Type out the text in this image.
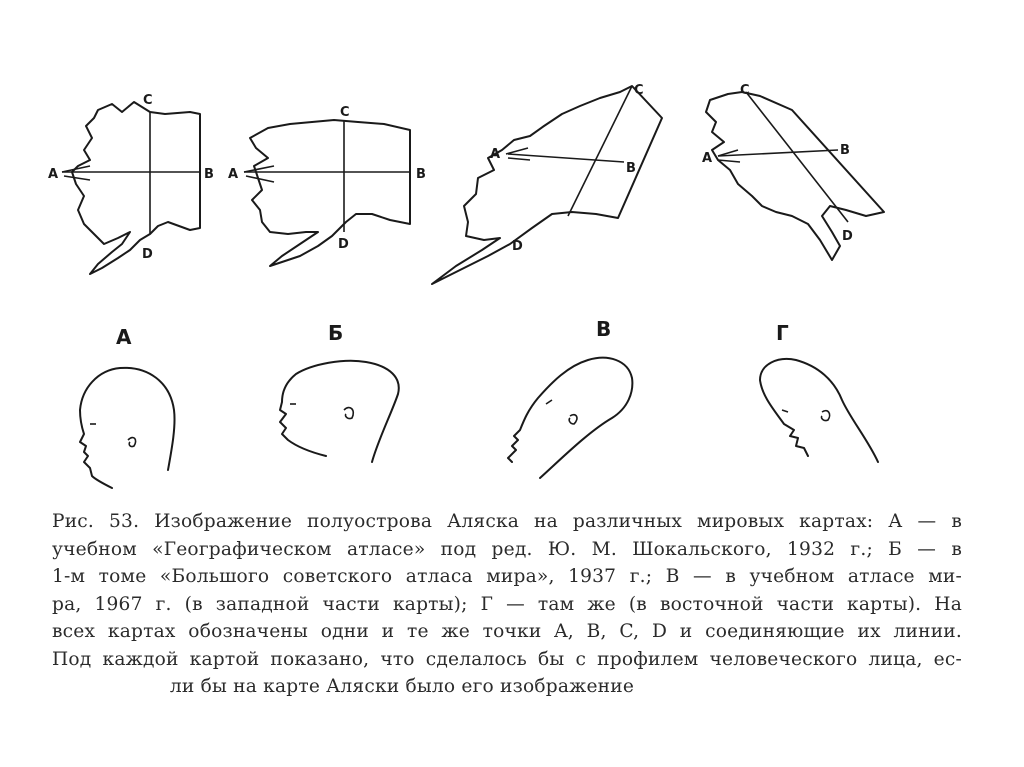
A	B
C
D
A	B
C
D
A
B
C
D
A
B
C
D
А	Б	В	Г
Рис. 53. Изображение полуострова Аляска на различных мировых картах: А — в
учебном «Географическом атласе» под ред. Ю. М. Шокальского, 1932 г.; Б — в
1-м томе «Большого советского атласа мира», 1937 г.; В — в учебном атласе ми-
ра, 1967 г. (в западной части карты); Г — там же (в восточной части карты). На
всех картах обозначены одни и те же точки A, B, C, D и соединяющие их линии.
Под каждой картой показано, что сделалось бы с профилем человеческого лица, ес-
ли бы на карте Аляски было его изображение
